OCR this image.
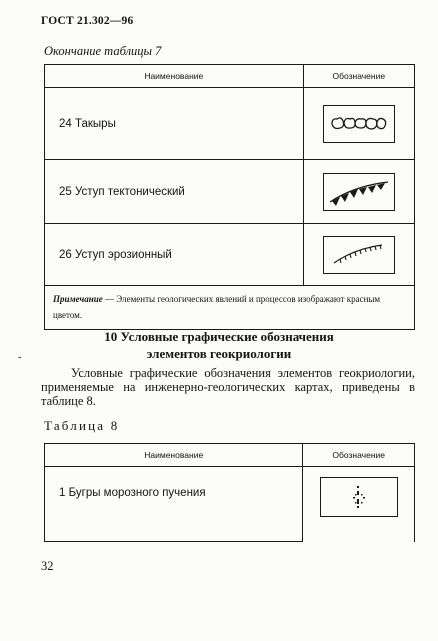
ГОСТ 21.302—96
Окончание таблицы 7
Наименование	Обозначение
24 Такыры	
25 Уступ тектонический	
26 Уступ эрозионный	
Примечание — Элементы геологических явлений и процессов изображают красным цветом.	
-
10 Условные графические обозначения
элементов геокриологии
Условные графические обозначения элементов геокриологии, применяемые на инженерно-геологических картах, приведены в таблице 8.
Таблица 8
Наименование	Обозначение
1 Бугры морозного пучения	
32
